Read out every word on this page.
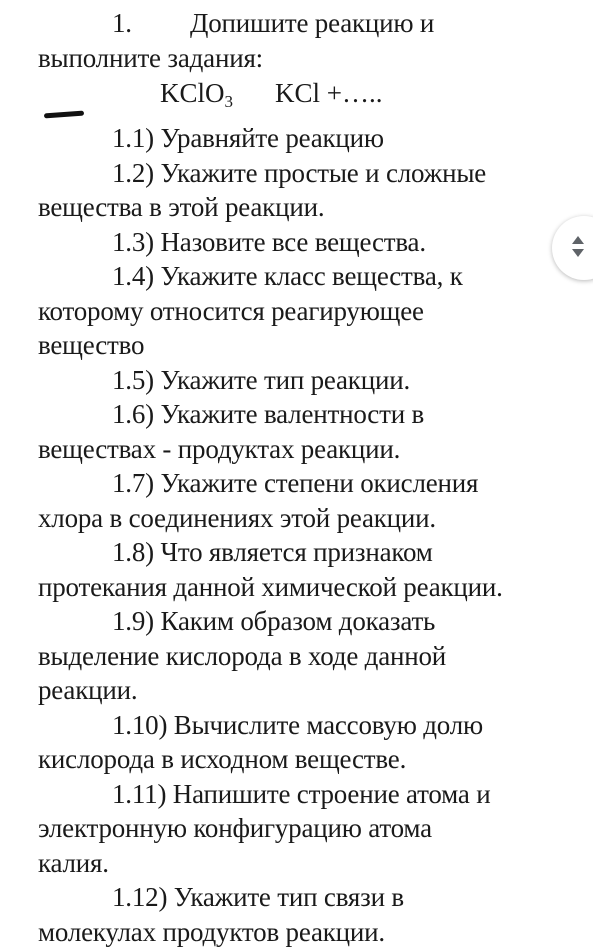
1. Допишите реакцию и
выполните задания:
KClO$_3$ KCl +…..
1.1) Уравняйте реакцию
1.2) Укажите простые и сложные
вещества в этой реакции.
1.3) Назовите все вещества.
1.4) Укажите класс вещества, к
которому относится реагирующее
вещество
1.5) Укажите тип реакции.
1.6) Укажите валентности в
веществах - продуктах реакции.
1.7) Укажите степени окисления
хлора в соединениях этой реакции.
1.8) Что является признаком
протекания данной химической реакции.
1.9) Каким образом доказать
выделение кислорода в ходе данной
реакции.
1.10) Вычислите массовую долю
кислорода в исходном веществе.
1.11) Напишите строение атома и
электронную конфигурацию атома
калия.
1.12) Укажите тип связи в
молекулах продуктов реакции.
